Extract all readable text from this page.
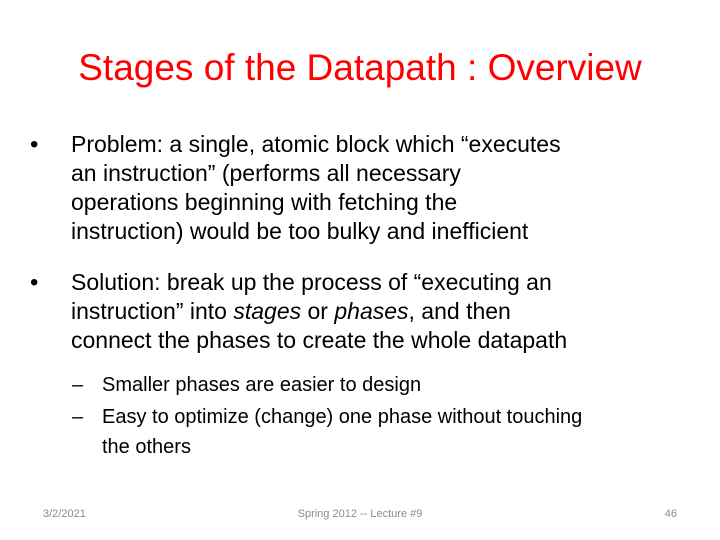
Stages of the Datapath : Overview
• Problem: a single, atomic block which “executes
an instruction” (performs all necessary
operations beginning with fetching the
instruction) would be too bulky and inefficient
• Solution: break up the process of “executing an
instruction” into stages or phases, and then
connect the phases to create the whole datapath
– Smaller phases are easier to design
– Easy to optimize (change) one phase without touching
the others
3/2/2021	Spring 2012 -- Lecture #9	46
